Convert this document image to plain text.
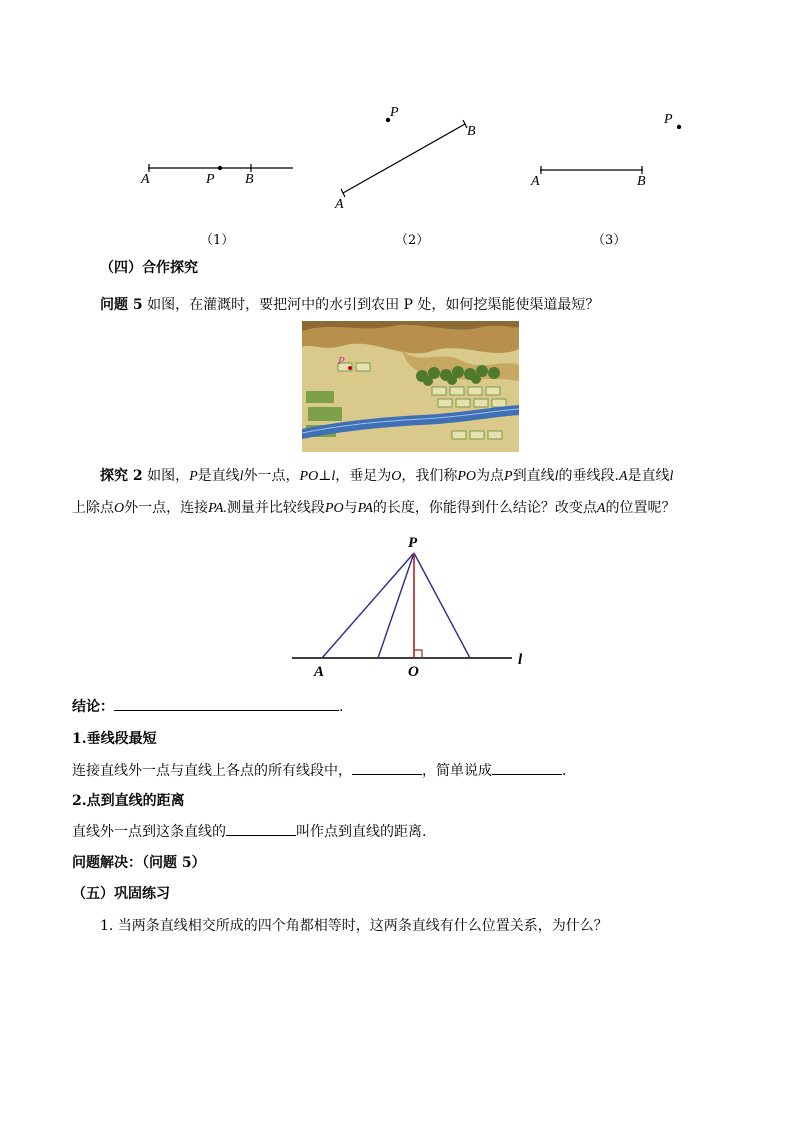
A	P B
P
B
A
P
A	B
（1）	（2）	（3）
（四）合作探究
问题 5 如图，在灌溉时，要把河中的水引到农田 P 处，如何挖渠能使渠道最短？
P
探究 2 如图，P是直线l外一点，PO⊥l，垂足为O，我们称PO为点P到直线l的垂线段.A是直线l
上除点O外一点，连接PA.测量并比较线段PO与PA的长度，你能得到什么结论？改变点A的位置呢？
P
A	O
l
结论：	.
1.垂线段最短
连接直线外一点与直线上各点的所有线段中，	，简单说成	.
2.点到直线的距离
直线外一点到这条直线的	叫作点到直线的距离.
问题解决：（问题 5）
（五）巩固练习
1. 当两条直线相交所成的四个角都相等时，这两条直线有什么位置关系，为什么？
